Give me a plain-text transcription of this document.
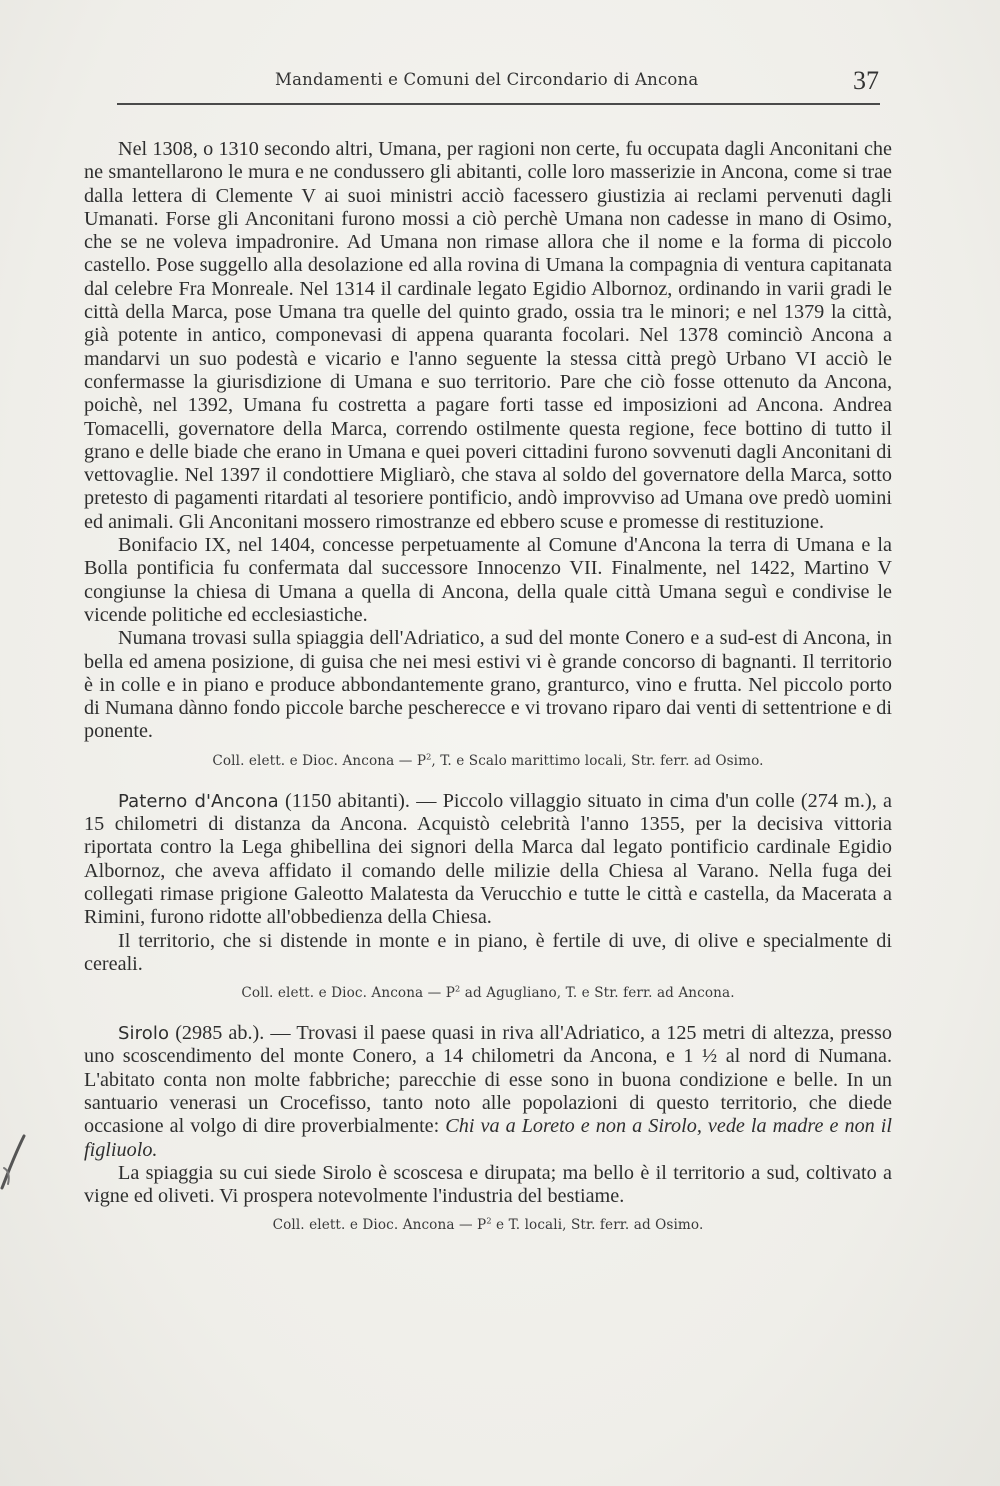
Mandamenti e Comuni del Circondario di Ancona	37

Nel 1308, o 1310 secondo altri, Umana, per ragioni non certe, fu occupata dagli Anconitani che ne smantellarono le mura e ne condussero gli abitanti, colle loro masserizie in Ancona, come si trae dalla lettera di Clemente V ai suoi ministri acciò facessero giustizia ai reclami pervenuti dagli Umanati. Forse gli Anconitani furono mossi a ciò perchè Umana non cadesse in mano di Osimo, che se ne voleva impadronire. Ad Umana non rimase allora che il nome e la forma di piccolo castello. Pose suggello alla desolazione ed alla rovina di Umana la compagnia di ventura capitanata dal celebre Fra Monreale. Nel 1314 il cardinale legato Egidio Albornoz, ordinando in varii gradi le città della Marca, pose Umana tra quelle del quinto grado, ossia tra le minori; e nel 1379 la città, già potente in antico, componevasi di appena quaranta focolari. Nel 1378 cominciò Ancona a mandarvi un suo podestà e vicario e l'anno seguente la stessa città pregò Urbano VI acciò le confermasse la giurisdizione di Umana e suo territorio. Pare che ciò fosse ottenuto da Ancona, poichè, nel 1392, Umana fu costretta a pagare forti tasse ed imposizioni ad Ancona. Andrea Tomacelli, governatore della Marca, correndo ostilmente questa regione, fece bottino di tutto il grano e delle biade che erano in Umana e quei poveri cittadini furono sovvenuti dagli Anconitani di vettovaglie. Nel 1397 il condottiere Migliarò, che stava al soldo del governatore della Marca, sotto pretesto di pagamenti ritardati al tesoriere pontificio, andò improvviso ad Umana ove predò uomini ed animali. Gli Anconitani mossero rimostranze ed ebbero scuse e promesse di restituzione.

Bonifacio IX, nel 1404, concesse perpetuamente al Comune d'Ancona la terra di Umana e la Bolla pontificia fu confermata dal successore Innocenzo VII. Finalmente, nel 1422, Martino V congiunse la chiesa di Umana a quella di Ancona, della quale città Umana seguì e condivise le vicende politiche ed ecclesiastiche.

Numana trovasi sulla spiaggia dell'Adriatico, a sud del monte Conero e a sud-est di Ancona, in bella ed amena posizione, di guisa che nei mesi estivi vi è grande concorso di bagnanti. Il territorio è in colle e in piano e produce abbondantemente grano, granturco, vino e frutta. Nel piccolo porto di Numana dànno fondo piccole barche pescherecce e vi trovano riparo dai venti di settentrione e di ponente.

Coll. elett. e Dioc. Ancona — $P^2$, T. e Scalo marittimo locali, Str. ferr. ad Osimo.

Paterno d'Ancona (1150 abitanti). — Piccolo villaggio situato in cima d'un colle (274 m.), a 15 chilometri di distanza da Ancona. Acquistò celebrità l'anno 1355, per la decisiva vittoria riportata contro la Lega ghibellina dei signori della Marca dal legato pontificio cardinale Egidio Albornoz, che aveva affidato il comando delle milizie della Chiesa al Varano. Nella fuga dei collegati rimase prigione Galeotto Malatesta da Verucchio e tutte le città e castella, da Macerata a Rimini, furono ridotte all'obbedienza della Chiesa.

Il territorio, che si distende in monte e in piano, è fertile di uve, di olive e specialmente di cereali.

Coll. elett. e Dioc. Ancona — $P^2$ ad Agugliano, T. e Str. ferr. ad Ancona.

Sirolo (2985 ab.). — Trovasi il paese quasi in riva all'Adriatico, a 125 metri di altezza, presso uno scoscendimento del monte Conero, a 14 chilometri da Ancona, e 1 ½ al nord di Numana. L'abitato conta non molte fabbriche; parecchie di esse sono in buona condizione e belle. In un santuario venerasi un Crocefisso, tanto noto alle popolazioni di questo territorio, che diede occasione al volgo di dire proverbialmente: Chi va a Loreto e non a Sirolo, vede la madre e non il figliuolo.

La spiaggia su cui siede Sirolo è scoscesa e dirupata; ma bello è il territorio a sud, coltivato a vigne ed oliveti. Vi prospera notevolmente l'industria del bestiame.

Coll. elett. e Dioc. Ancona — $P^2$ e T. locali, Str. ferr. ad Osimo.
